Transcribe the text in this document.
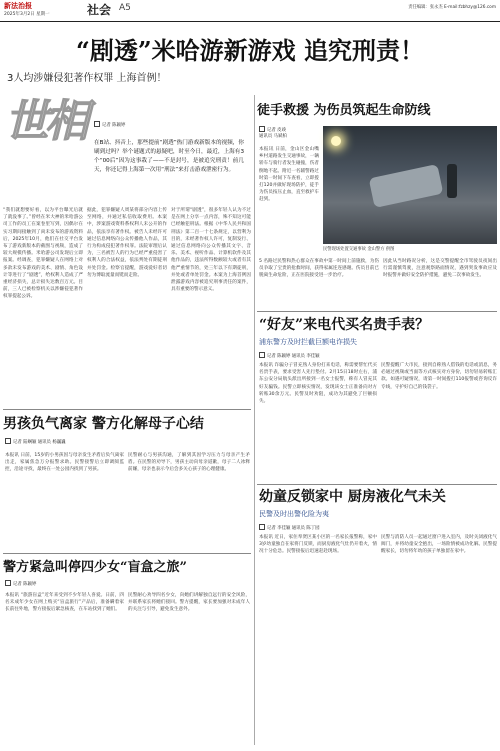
新法治报
2025年3月2日 星期一	社会 A5	责任编辑：张永杰 E-mail:fzbhzy@126.com
“剧透”米哈游新游戏 追究刑责！
3人均涉嫌侵犯著作权罪 上海首例！
世相	记者 陈颖婷
在B站、抖音上，那些提前“剧透”热门游戏新版本的视频，你刷到过吗？举个谜题式的悬疑吧，时至今日，最近，上海有3个“00后”因为这事栽了——不是封号，是被追究刑责！前几天，你还记得上海第一次用“刑法”来打击游戏泄密行为。
“我们就想要好看，以为平台曝光后就了就没事了。”曾经在米大神的米哈游公司工作的员工在案卷里写到，因偶尔在实习期间接触到了尚未发布的游戏资料后，2025年10月，他们在社交平台发布了游戏新版本的截图与视频，造成了较大规模传播。米哈游公司发现后立即报案。经调查，犯罪嫌疑人在网络上对多款未发布游戏的美术、剧情、角色设计等进行了“剧透”，给权利人造成了严重经济损失，总计损失达数百万元。目前，三人已被检察机关以涉嫌侵犯著作权罪提起公诉。
据此，犯罪嫌疑人周某将部分内容上传至网络，并通过私信收取费用。本案中，涉案游戏资料系权利人未公开的作品，依法享有著作权。被告人未经许可通过信息网络向公众传播他人作品，其行为构成侵犯著作权罪。法院审理后认为，三名被告人的行为已经严重侵害了权利人的合法权益，依法判处有期徒刑并处罚金。检察官提醒，游戏爱好者切勿为博取流量而铤而走险。
对于所谓“剧透”，很多年轻人认为不过是在网上分享一点内容，殊不知这可能已经触犯刑法。根据《中华人民共和国刑法》第二百一十七条规定，以营利为目的，未经著作权人许可，复制发行、通过信息网络向公众传播其文字、音乐、美术、视听作品、计算机软件及其他作品的，违法所得数额较大或者有其他严重情节的，处三年以下有期徒刑，并处或者单处罚金。本案为上海首例因泄露游戏内容被追究刑事责任的案件，具有重要的警示意义。
徒手救援 为伤员筑起生命防线
记者 皮竣
通讯员 马斌柏
本报讯 日前，金山区金山嘴乡村道路发生交通事故，一辆轿车与骑行者发生碰撞，伤者倒地不起。附近一名辅警路过时第一时间下车查看，立即拨打120并做好现场防护，徒手为伤员按压止血，直至救护车赶到。
民警现场处置交通事故 金山警方 供图
5 名路过民警和热心群众在事故中第一时间上前施救，为伤员争取了宝贵的抢救时间，获得家属连连感谢。伤员目前已脱离生命危险，正在医院接受进一步治疗。
因此从当时路况分析，这是交警提醒全市驾驶员夜间出行需谨慎驾驶，注意观察路面情况，遇到突发事故应及时报警并做好安全防护措施，避免二次事故发生。
“好友”来电代买名贵手表？
浦东警方及时拦截巨额电诈损失
记者 陈颖婷 通讯员 李佳颖
本报讯 诈骗分子冒充熟人身份打来电话，称需要帮忙代买名贵手表，要求受害人先行垫付。2月15日18时左右，浦东公安分局航头派出所接到一名女士报警，称有人冒充其好友骗钱。民警立即核实情况，发现该女士正准备向对方转账30余万元。民警及时劝阻，成功为其避免了巨额损失。
民警提醒广大市民，接到自称熟人借钱的电话或消息，务必通过视频或当面等方式核实对方身份，切勿轻易转账汇款。如遇可疑情况，请第一时间拨打110报警或咨询反诈专线，守护好自己的钱袋子。
男孩负气离家 警方化解母子心结
记者 陆娴颖 通讯员 杨巍巍
本报讯 日前，15岁的小男孩因与母亲发生矛盾后负气离家出走，家属焦急万分报警求助。民警接警后立即调阅监控，沿途寻找，最终在一处公园内找到了男孩。
民警耐心与男孩沟通，了解到其因学习压力与母亲产生矛盾。在民警的劝导下，男孩主动向母亲道歉，母子二人冰释前嫌，母亲也表示今后会多关心孩子的心理健康。
幼童反锁家中 厨房液化气未关
民警及时出警化险为夷
记者 李佳颖 通讯员 陈丁园
本报讯 近日，家住奉贤区某小区的一名家长报警称，家中3岁幼童独自在家将门反锁，而厨房液化气灶仍开着火，情况十分危急。民警接报后迅速赶赴现场。
民警与消防人员一起通过窗户进入室内，及时关闭液化气阀门，并将幼童安全抱出，一场险情被成功化解。民警提醒家长，切勿将年幼的孩子单独留在家中。
警方紧急叫停四少女“盲盒之旅”
记者 陈颖婷
本报讯 “旅游盲盒”近年来受到不少年轻人喜爱。日前，四名未成年少女在网上购买“盲盒旅行”产品后，准备瞒着家长前往外地，警方接报后紧急核查，在车站找到了她们。
民警耐心劝导四名少女，向她们讲解独自远行的安全风险，并联系家长将她们接回。警方提醒，家长要加强对未成年人的关注与引导，避免发生意外。
